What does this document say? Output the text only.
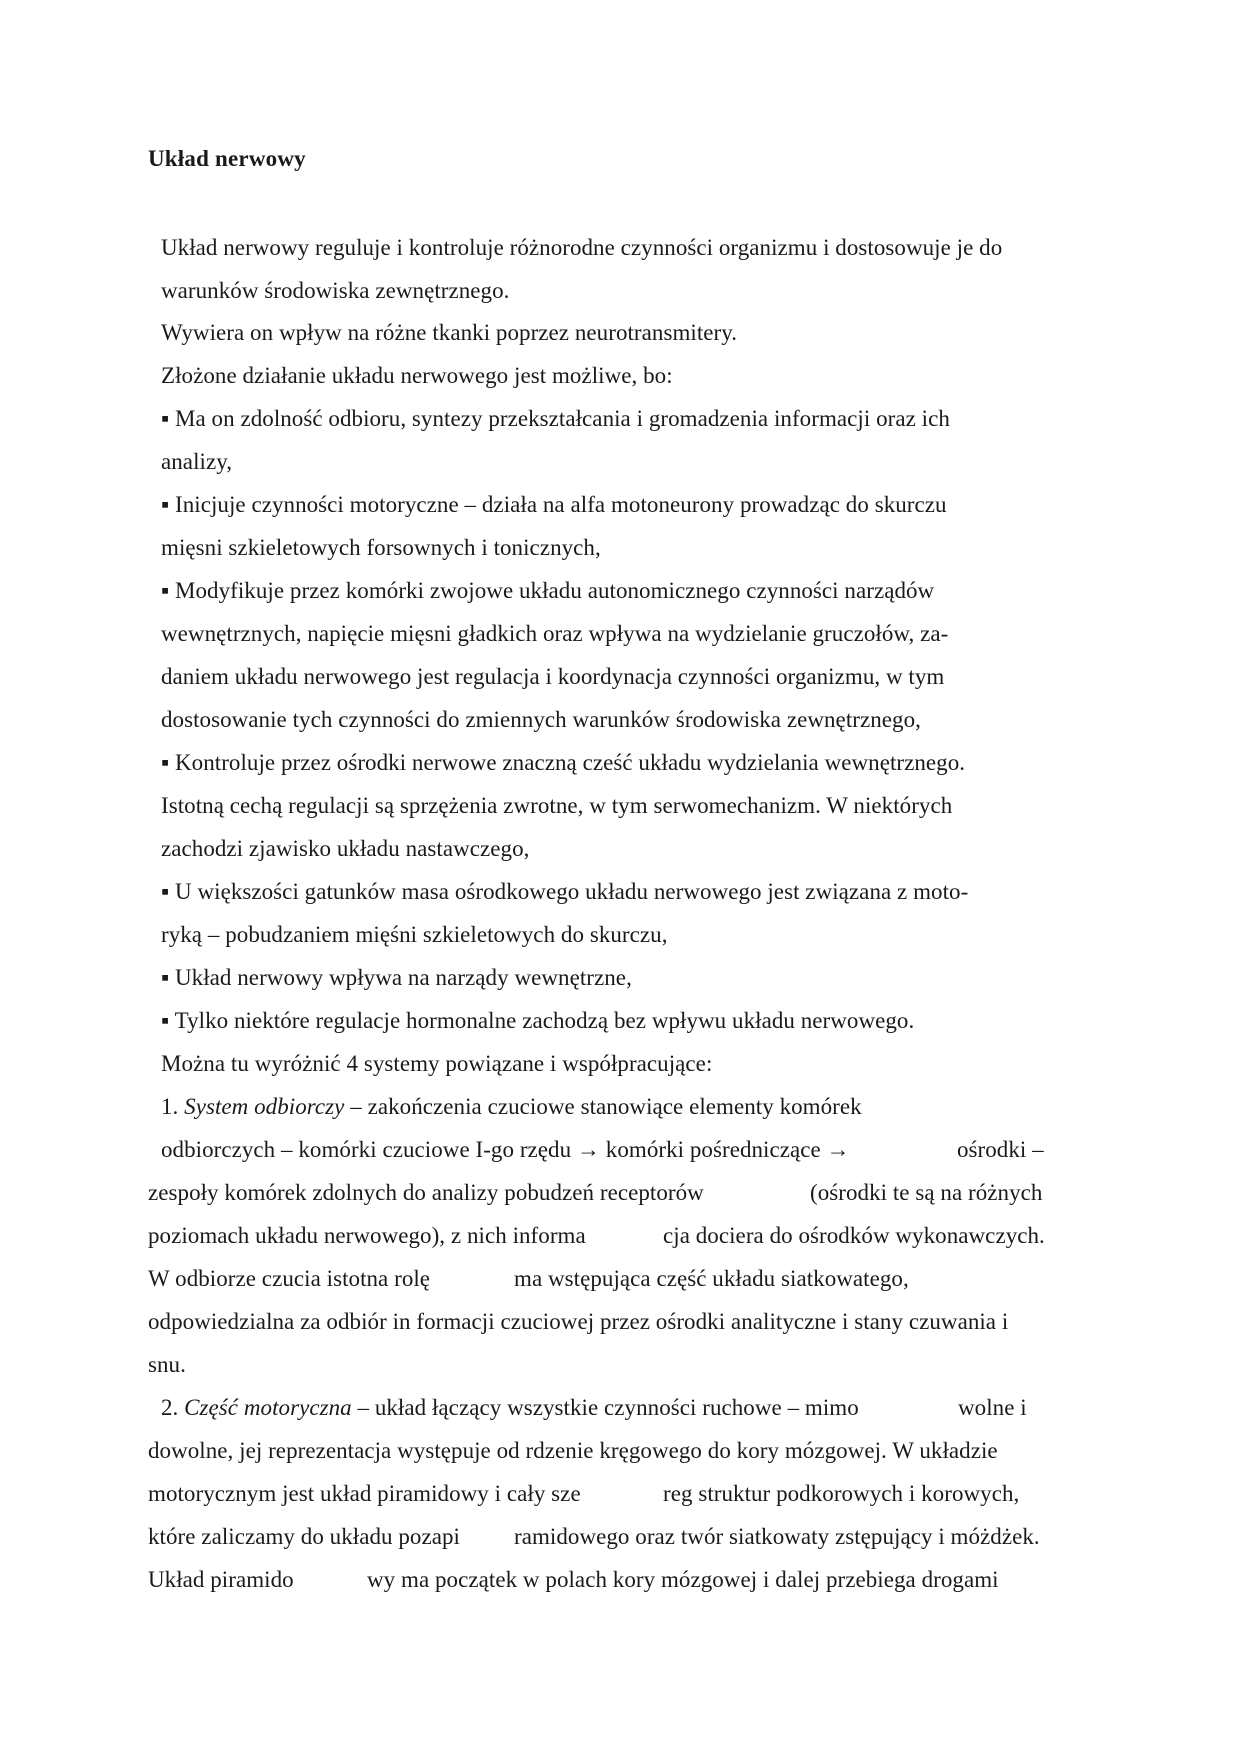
Układ nerwowy
Układ nerwowy reguluje i kontroluje różnorodne czynności organizmu i dostosowuje je do
warunków środowiska zewnętrznego.
Wywiera on wpływ na różne tkanki poprzez neurotransmitery.
Złożone działanie układu nerwowego jest możliwe, bo:
▪ Ma on zdolność odbioru, syntezy przekształcania i gromadzenia informacji oraz ich
analizy,
▪ Inicjuje czynności motoryczne – działa na alfa motoneurony prowadząc do skurczu
mięsni szkieletowych forsownych i tonicznych,
▪ Modyfikuje przez komórki zwojowe układu autonomicznego czynności narządów
wewnętrznych, napięcie mięsni gładkich oraz wpływa na wydzielanie gruczołów, za-
daniem układu nerwowego jest regulacja i koordynacja czynności organizmu, w tym
dostosowanie tych czynności do zmiennych warunków środowiska zewnętrznego,
▪ Kontroluje przez ośrodki nerwowe znaczną cześć układu wydzielania wewnętrznego.
Istotną cechą regulacji są sprzężenia zwrotne, w tym serwomechanizm. W niektórych
zachodzi zjawisko układu nastawczego,
▪ U większości gatunków masa ośrodkowego układu nerwowego jest związana z moto-
ryką – pobudzaniem mięśni szkieletowych do skurczu,
▪ Układ nerwowy wpływa na narządy wewnętrzne,
▪ Tylko niektóre regulacje hormonalne zachodzą bez wpływu układu nerwowego.
Można tu wyróżnić 4 systemy powiązane i współpracujące:
1. System odbiorczy – zakończenia czuciowe stanowiące elementy komórek
odbiorczych – komórki czuciowe I-go rzędu → komórki pośredniczące →	ośrodki –
zespoły komórek zdolnych do analizy pobudzeń receptorów	(ośrodki te są na różnych
poziomach układu nerwowego), z nich informa	cja dociera do ośrodków wykonawczych.
W odbiorze czucia istotna rolę	ma wstępująca część układu siatkowatego,
odpowiedzialna za odbiór in formacji czuciowej przez ośrodki analityczne i stany czuwania i
snu.
2. Część motoryczna – układ łączący wszystkie czynności ruchowe – mimo	wolne i
dowolne, jej reprezentacja występuje od rdzenie kręgowego do kory mózgowej. W układzie
motorycznym jest układ piramidowy i cały sze	reg struktur podkorowych i korowych,
które zaliczamy do układu pozapi ramidowego oraz twór siatkowaty zstępujący i móżdżek.
Układ piramido	wy ma początek w polach kory mózgowej i dalej przebiega drogami
